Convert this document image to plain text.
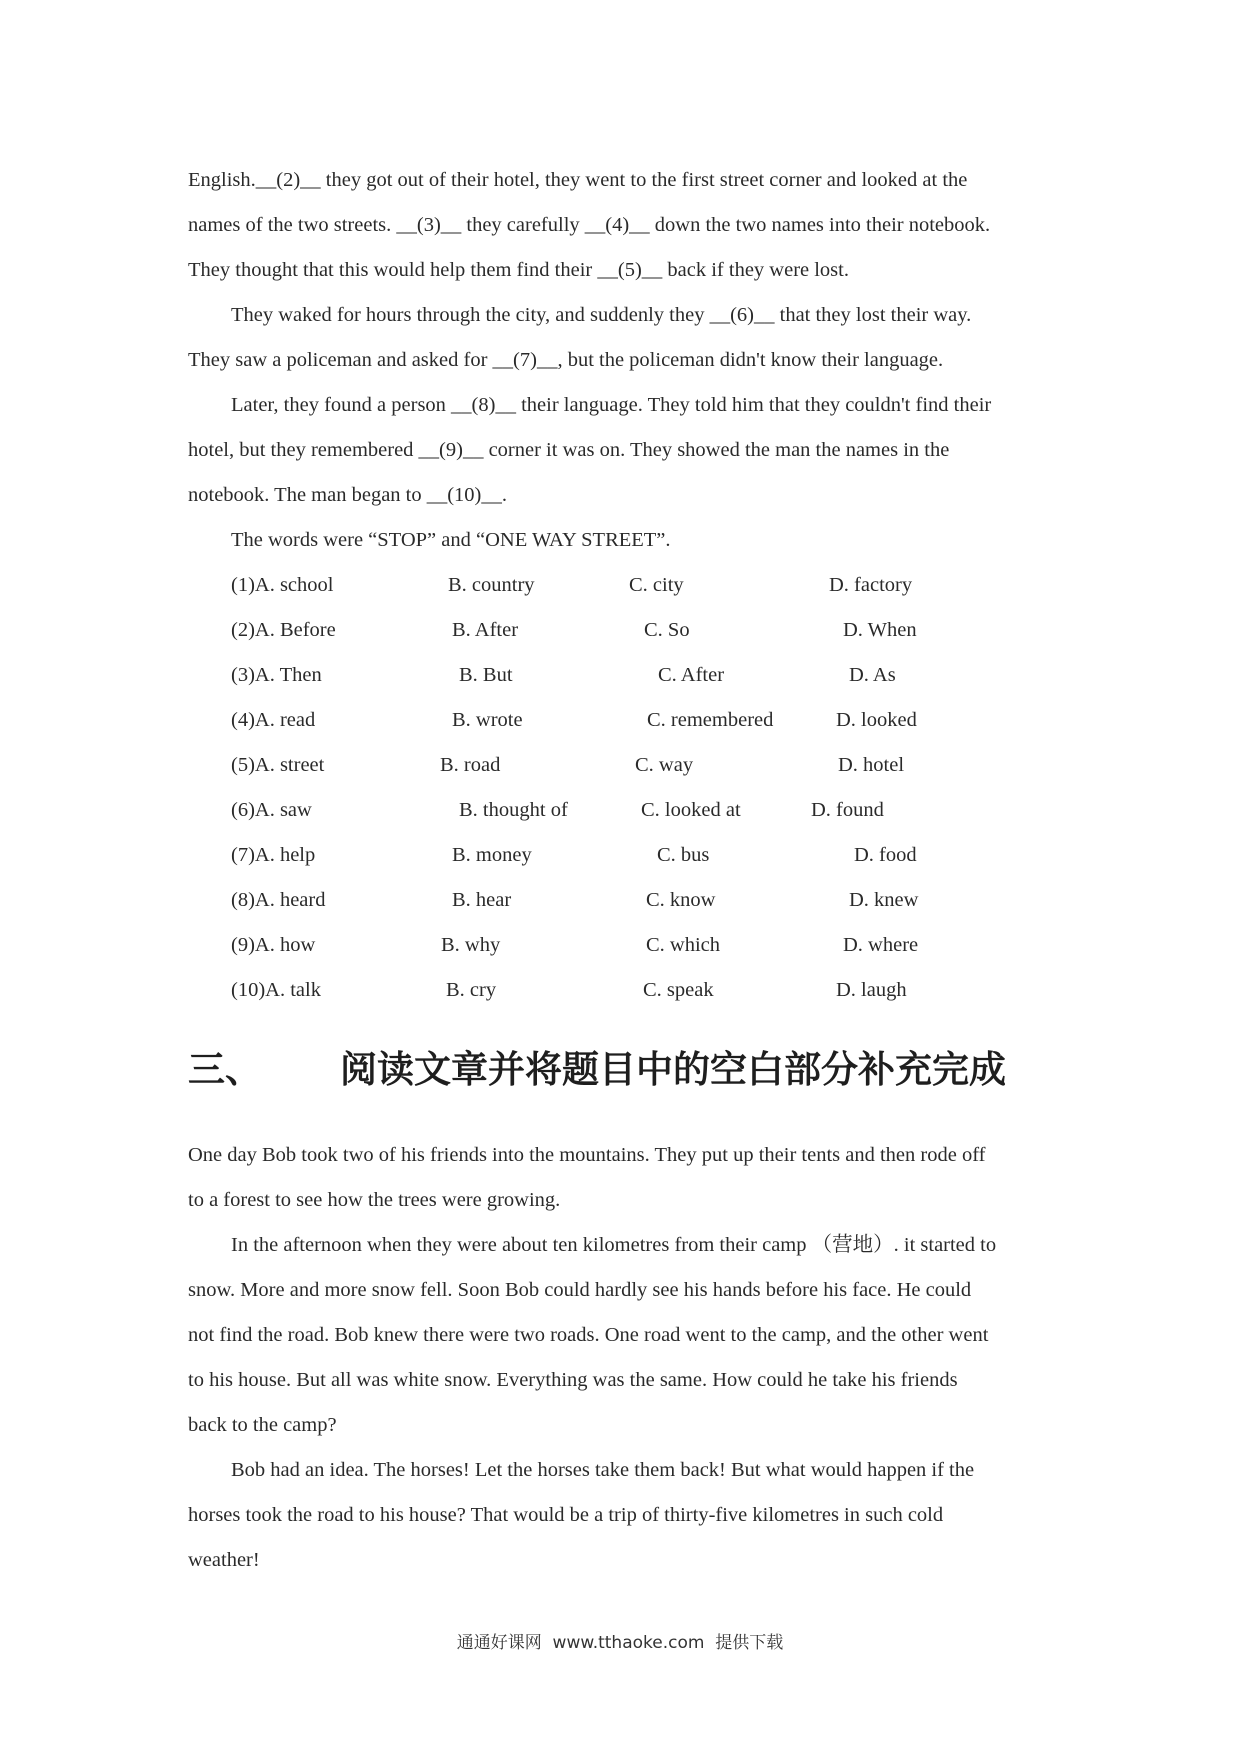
English.__(2)__ they got out of their hotel, they went to the first street corner and looked at the
names of the two streets. __(3)__ they carefully __(4)__ down the two names into their notebook.
They thought that this would help them find their __(5)__ back if they were lost.
They waked for hours through the city, and suddenly they __(6)__ that they lost their way.
They saw a policeman and asked for __(7)__, but the policeman didn't know their language.
Later, they found a person __(8)__ their language. They told him that they couldn't find their
hotel, but they remembered __(9)__ corner it was on. They showed the man the names in the
notebook. The man began to __(10)__.
The words were “STOP” and “ONE WAY STREET”.
(1)A. school	B. country	C. city	D. factory
(2)A. Before	B. After	C. So	D. When
(3)A. Then	B. But	C. After	D. As
(4)A. read	B. wrote	C. remembered	D. looked
(5)A. street	B. road	C. way	D. hotel
(6)A. saw	B. thought of	C. looked at	D. found
(7)A. help	B. money	C. bus	D. food
(8)A. heard	B. hear	C. know	D. knew
(9)A. how	B. why	C. which	D. where
(10)A. talk	B. cry	C. speak	D. laugh
三、 阅读文章并将题目中的空白部分补充完成
One day Bob took two of his friends into the mountains. They put up their tents and then rode off
to a forest to see how the trees were growing.
In the afternoon when they were about ten kilometres from their camp （营地）. it started to
snow. More and more snow fell. Soon Bob could hardly see his hands before his face. He could
not find the road. Bob knew there were two roads. One road went to the camp, and the other went
to his house. But all was white snow. Everything was the same. How could he take his friends
back to the camp?
Bob had an idea. The horses! Let the horses take them back! But what would happen if the
horses took the road to his house? That would be a trip of thirty-five kilometres in such cold
weather!
通通好课网  www.tthaoke.com  提供下载
